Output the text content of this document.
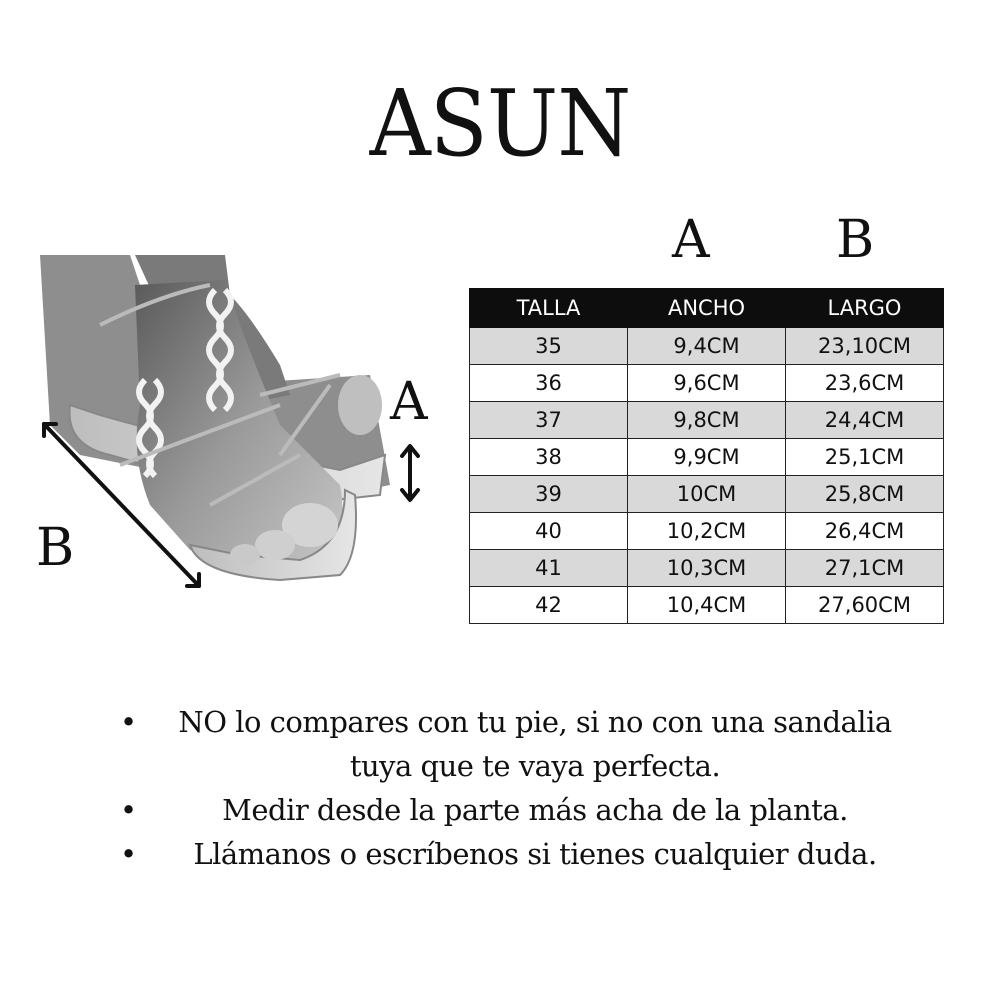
ASUN
A B
A
B
TALLA	ANCHO	LARGO
35	9,4CM	23,10CM
36	9,6CM	23,6CM
37	9,8CM	24,4CM
38	9,9CM	25,1CM
39	10CM	25,8CM
40	10,2CM	26,4CM
41	10,3CM	27,1CM
42	10,4CM	27,60CM
•	NO lo compares con tu pie, si no con una sandalia tuya que te vaya perfecta.
•	Medir desde la parte más acha de la planta.
•	Llámanos o escríbenos si tienes cualquier duda.
